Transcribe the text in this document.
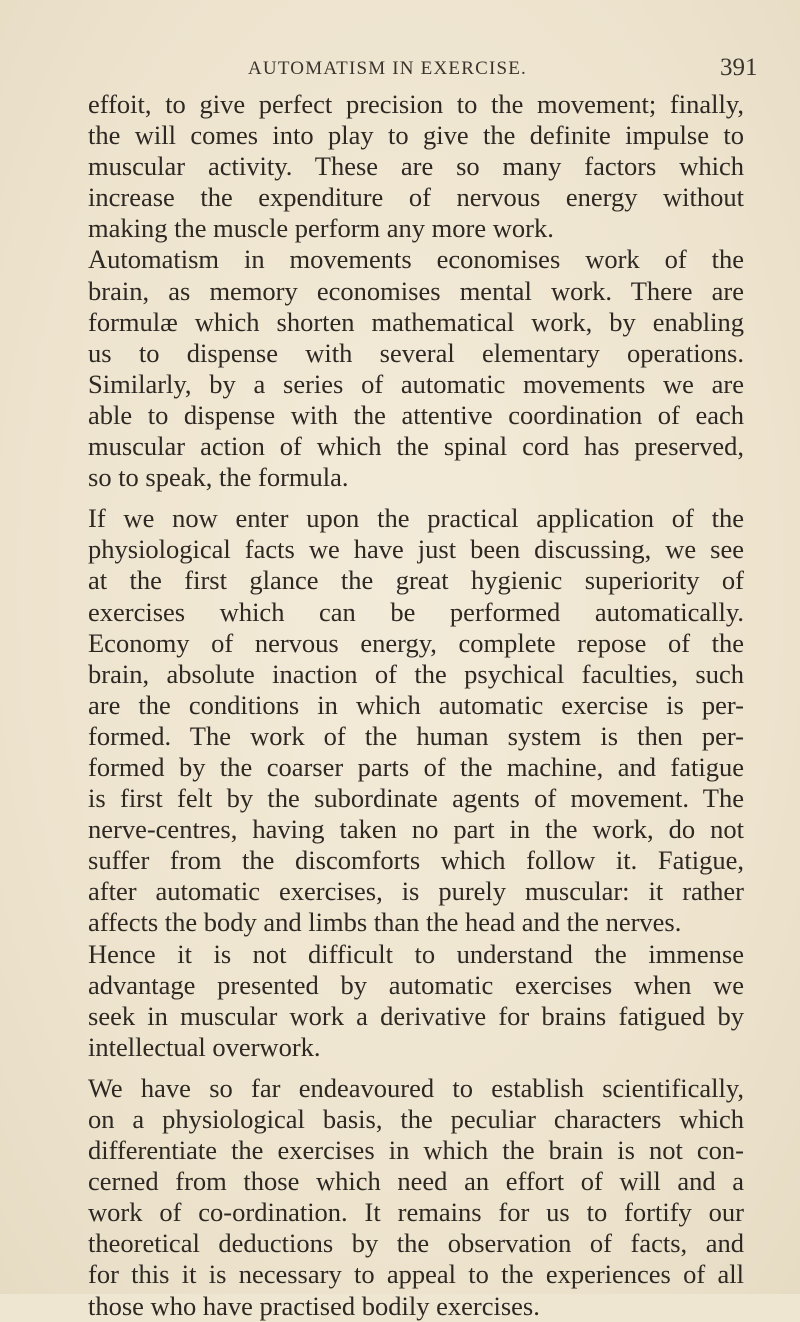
AUTOMATISM IN EXERCISE.	391
effoit, to give perfect precision to the movement; finally,
the will comes into play to give the definite impulse to
muscular activity. These are so many factors which
increase the expenditure of nervous energy without
making the muscle perform any more work.
Automatism in movements economises work of the
brain, as memory economises mental work. There are
formulæ which shorten mathematical work, by enabling
us to dispense with several elementary operations.
Similarly, by a series of automatic movements we are
able to dispense with the attentive coordination of each
muscular action of which the spinal cord has preserved,
so to speak, the formula.
If we now enter upon the practical application of the
physiological facts we have just been discussing, we see
at the first glance the great hygienic superiority of
exercises which can be performed automatically.
Economy of nervous energy, complete repose of the
brain, absolute inaction of the psychical faculties, such
are the conditions in which automatic exercise is per-
formed. The work of the human system is then per-
formed by the coarser parts of the machine, and fatigue
is first felt by the subordinate agents of movement. The
nerve-centres, having taken no part in the work, do not
suffer from the discomforts which follow it. Fatigue,
after automatic exercises, is purely muscular: it rather
affects the body and limbs than the head and the nerves.
Hence it is not difficult to understand the immense
advantage presented by automatic exercises when we
seek in muscular work a derivative for brains fatigued by
intellectual overwork.
We have so far endeavoured to establish scientifically,
on a physiological basis, the peculiar characters which
differentiate the exercises in which the brain is not con-
cerned from those which need an effort of will and a
work of co-ordination. It remains for us to fortify our
theoretical deductions by the observation of facts, and
for this it is necessary to appeal to the experiences of all
those who have practised bodily exercises.
